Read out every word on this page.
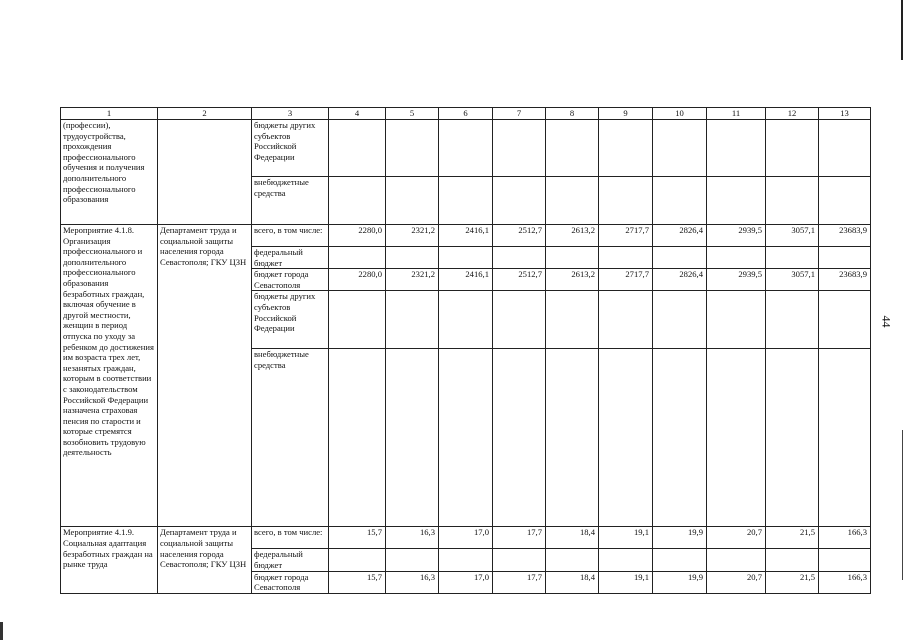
1	2	3	4	5	6	7	8	9	10	11	12	13
(профессии), трудоустройства, прохождения профессионального обучения и получения дополнительного профессионального образования		бюджеты других субъектов Российской Федерации										
		внебюджетные средства										
Мероприятие 4.1.8. Организация профессионального и дополнительного профессионального образования безработных граждан, включая обучение в другой местности, женщин в период отпуска по уходу за ребенком до достижения им возраста трех лет, незанятых граждан, которым в соответствии с законодательством Российской Федерации назначена страховая пенсия по старости и которые стремятся возобновить трудовую деятельность	Департамент труда и социальной защиты населения города Севастополя; ГКУ ЦЗН	всего, в том числе:	2280,0	2321,2	2416,1	2512,7	2613,2	2717,7	2826,4	2939,5	3057,1	23683,9
		федеральный бюджет										
		бюджет города Севастополя	2280,0	2321,2	2416,1	2512,7	2613,2	2717,7	2826,4	2939,5	3057,1	23683,9
		бюджеты других субъектов Российской Федерации										
		внебюджетные средства										
Мероприятие 4.1.9. Социальная адаптация безработных граждан на рынке труда	Департамент труда и социальной защиты населения города Севастополя; ГКУ ЦЗН	всего, в том числе:	15,7	16,3	17,0	17,7	18,4	19,1	19,9	20,7	21,5	166,3
		федеральный бюджет										
		бюджет города Севастополя	15,7	16,3	17,0	17,7	18,4	19,1	19,9	20,7	21,5	166,3
44
